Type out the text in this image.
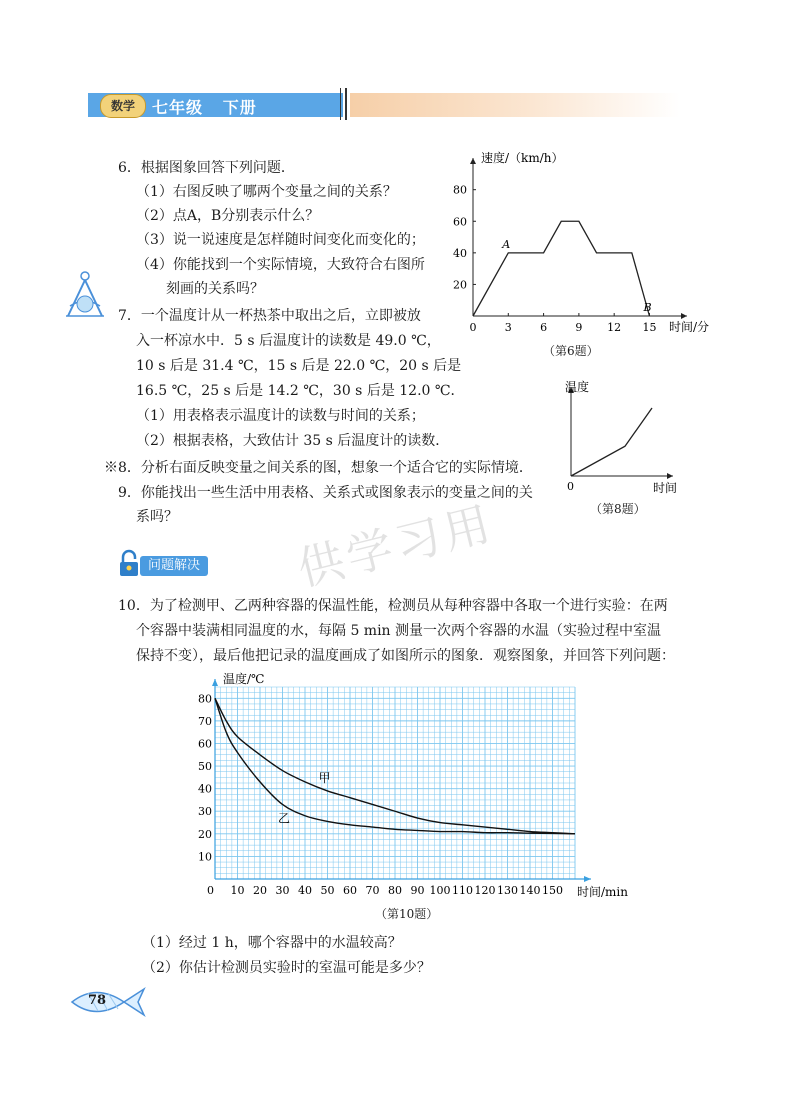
数学	七年级 下册
6．根据图象回答下列问题．
（1）右图反映了哪两个变量之间的关系？
（2）点A，B分别表示什么？
（3）说一说速度是怎样随时间变化而变化的；
（4）你能找到一个实际情境，大致符合右图所
刻画的关系吗？
7．一个温度计从一杯热茶中取出之后，立即被放
入一杯凉水中．5 s 后温度计的读数是 49.0 ℃，
10 s 后是 31.4 ℃，15 s 后是 22.0 ℃，20 s 后是
16.5 ℃，25 s 后是 14.2 ℃，30 s 后是 12.0 ℃．
（1）用表格表示温度计的读数与时间的关系；
（2）根据表格，大致估计 35 s 后温度计的读数．
※8．分析右面反映变量之间关系的图，想象一个适合它的实际情境．
9．你能找出一些生活中用表格、关系式或图象表示的变量之间的关
系吗？
0	3	6	9 12 15
20
40
60
80
速度/（km/h）
时间/分
A
B
（第6题）
温度
时间
0
（第8题）
供学习用
问题解决
10．为了检测甲、乙两种容器的保温性能，检测员从每种容器中各取一个进行实验：在两
个容器中装满相同温度的水，每隔 5 min 测量一次两个容器的水温（实验过程中室温
保持不变），最后他把记录的温度画成了如图所示的图象．观察图象，并回答下列问题：
10 20 30 40 50 60 70 80 90 100 110 120 130 140 150
10
20
30
40
50
60
70
80
0
温度/℃
时间/min
甲
乙
（第10题）
（1）经过 1 h，哪个容器中的水温较高？
（2）你估计检测员实验时的室温可能是多少？
78
